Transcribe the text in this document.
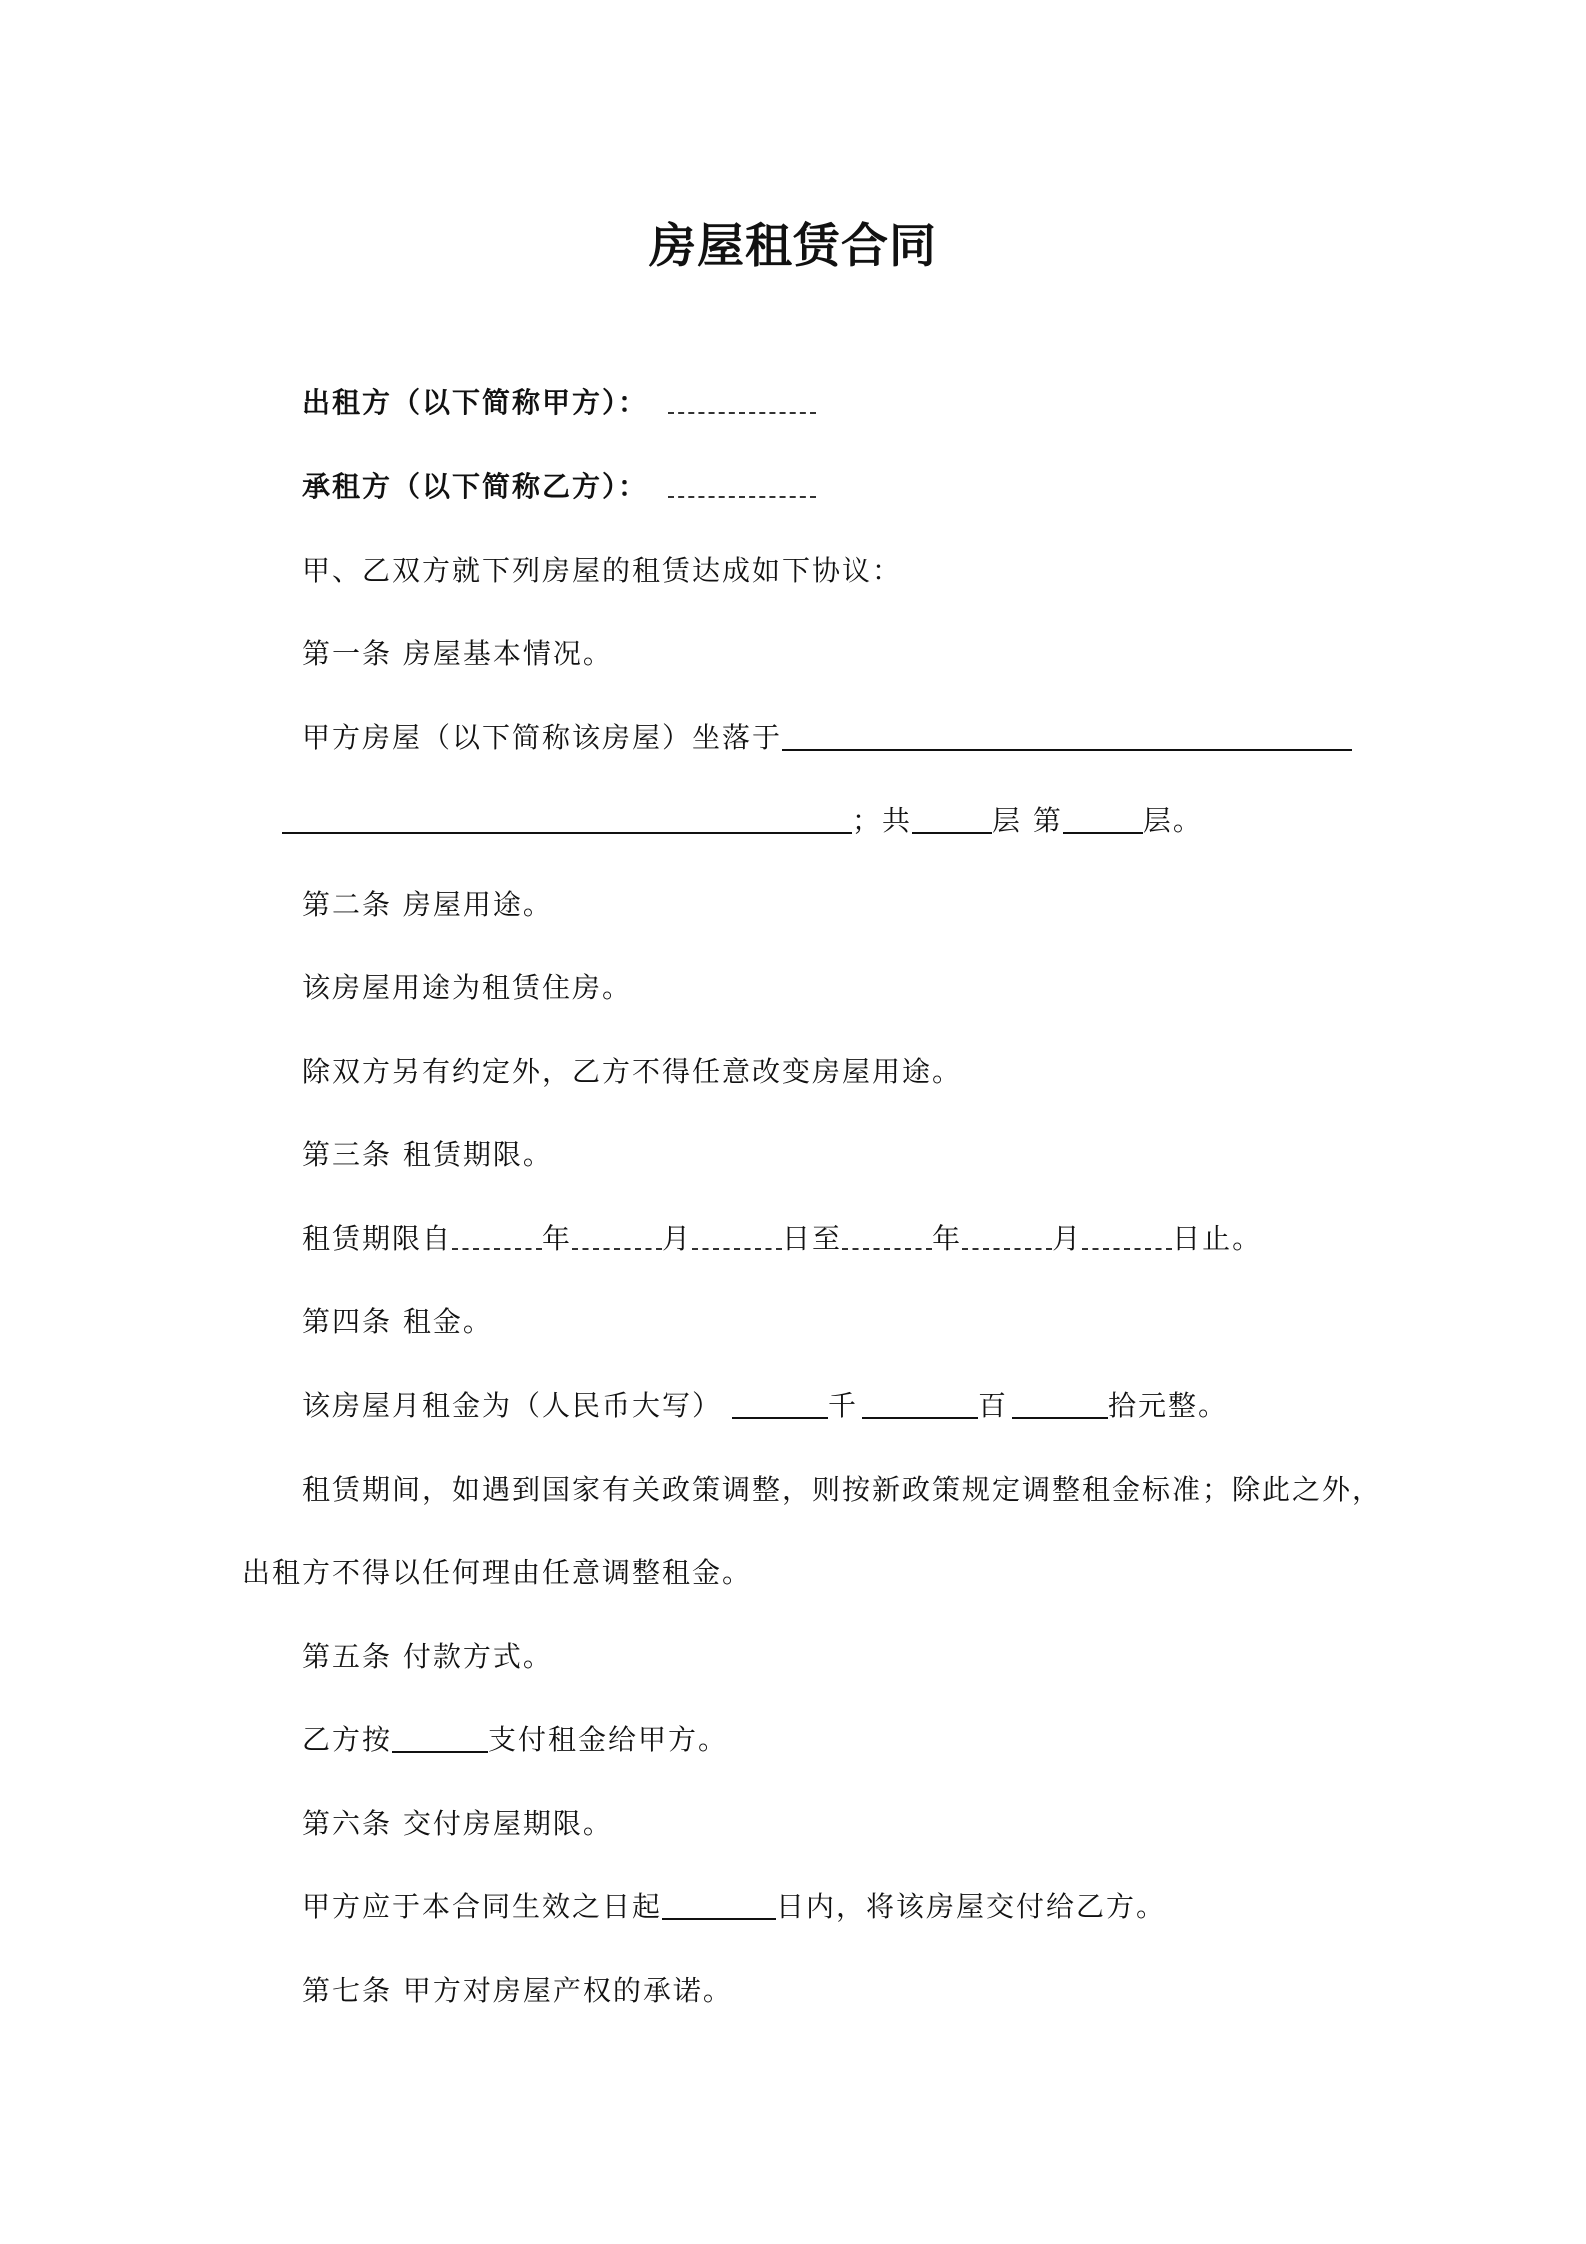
房屋租赁合同
出租方（以下简称甲方）：
承租方（以下简称乙方）：
甲、乙双方就下列房屋的租赁达成如下协议：
第一条 房屋基本情况。
甲方房屋（以下简称该房屋）坐落于
；共	层 第	层。
第二条 房屋用途。
该房屋用途为租赁住房。
除双方另有约定外，乙方不得任意改变房屋用途。
第三条 租赁期限。
租赁期限自	年	月	日至	年	月	日止。
第四条 租金。
该房屋月租金为（人民币大写）	千	百	拾元整。
租赁期间，如遇到国家有关政策调整，则按新政策规定调整租金标准；除此之外，
出租方不得以任何理由任意调整租金。
第五条 付款方式。
乙方按	支付租金给甲方。
第六条 交付房屋期限。
甲方应于本合同生效之日起	日内，将该房屋交付给乙方。
第七条 甲方对房屋产权的承诺。
